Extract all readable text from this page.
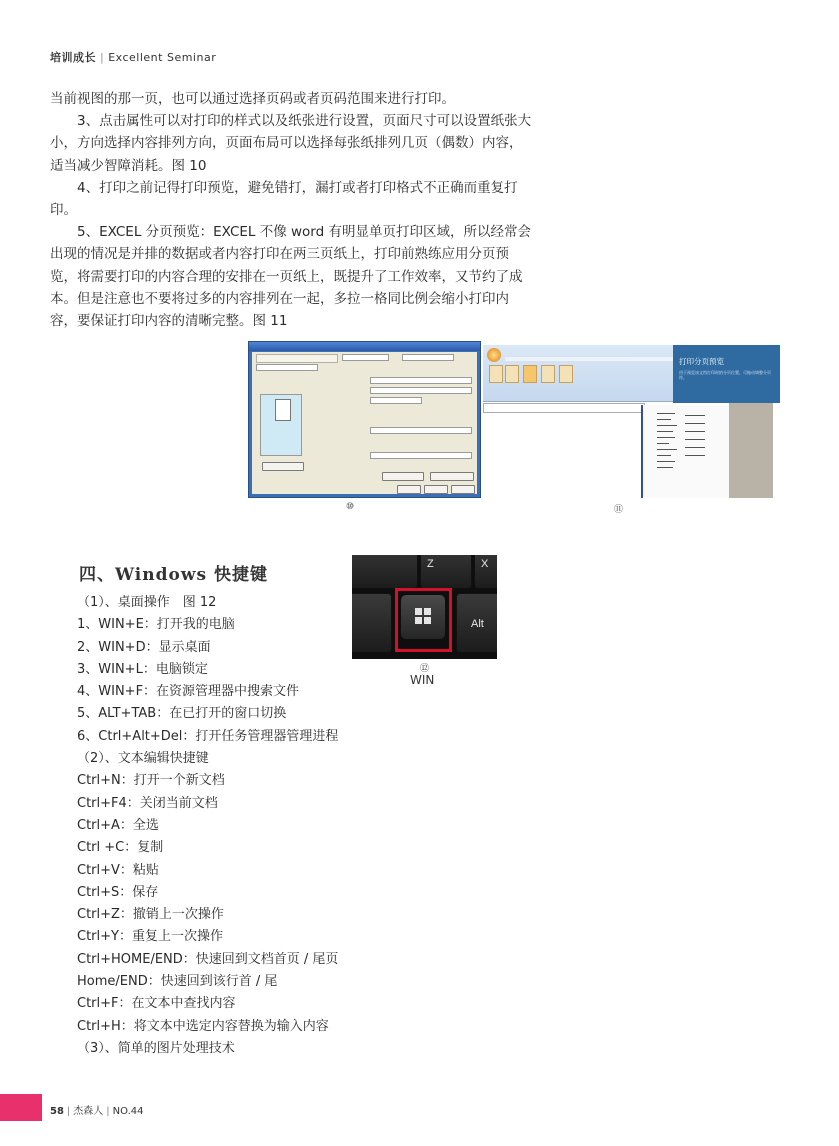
培训成长 | Excellent Seminar

当前视图的那一页，也可以通过选择页码或者页码范围来进行打印。

3、点击属性可以对打印的样式以及纸张进行设置，页面尺寸可以设置纸张大小，方向选择内容排列方向，页面布局可以选择每张纸排列几页（偶数）内容，适当减少智障消耗。图 10

4、打印之前记得打印预览，避免错打，漏打或者打印格式不正确而重复打印。

5、EXCEL 分页预览：EXCEL 不像 word 有明显单页打印区域，所以经常会出现的情况是并排的数据或者内容打印在两三页纸上，打印前熟练应用分页预览，将需要打印的内容合理的安排在一页纸上，既提升了工作效率，又节约了成本。但是注意也不要将过多的内容排列在一起，多拉一格同比例会缩小打印内容，要保证打印内容的清晰完整。图 11

⑩
打印分页预览
用于预览该文档打印时的分页位置，可拖动调整分页符。
⑪
四、Windows 快捷键
（1）、桌面操作　图 12
1、WIN+E：打开我的电脑
2、WIN+D：显示桌面
3、WIN+L：电脑锁定
4、WIN+F：在资源管理器中搜索文件
5、ALT+TAB：在已打开的窗口切换
6、Ctrl+Alt+Del：打开任务管理器管理进程
（2）、文本编辑快捷键
Ctrl+N：打开一个新文档
Ctrl+F4：关闭当前文档
Ctrl+A：全选
Ctrl +C：复制
Ctrl+V：粘贴
Ctrl+S：保存
Ctrl+Z：撤销上一次操作
Ctrl+Y：重复上一次操作
Ctrl+HOME/END：快速回到文档首页 / 尾页
Home/END：快速回到该行首 / 尾
Ctrl+F：在文本中查找内容
Ctrl+H：将文本中选定内容替换为输入内容
（3）、简单的图片处理技术
Z	X
Alt
⑫
WIN
58 | 杰森人 | NO.44
